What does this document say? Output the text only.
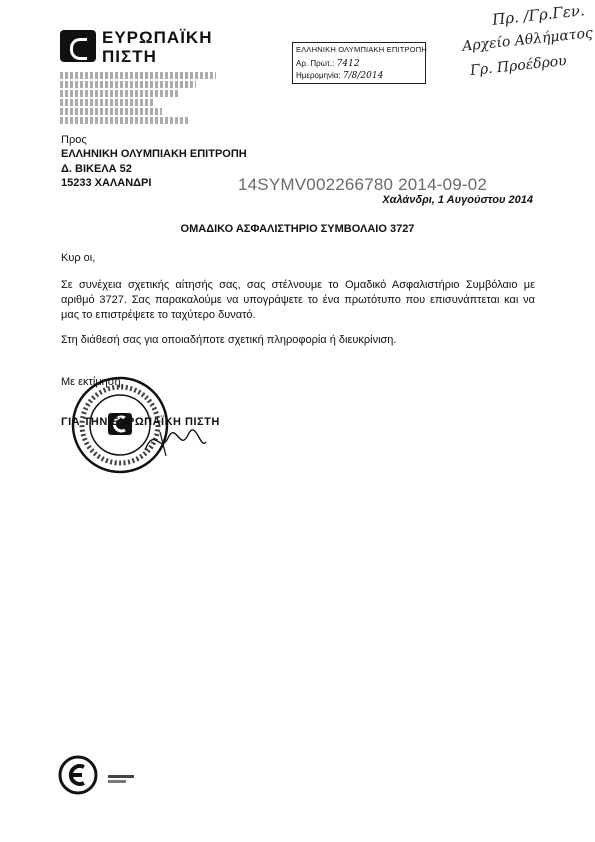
ΕΥΡΩΠΑΪΚΗ
ΠΙΣΤΗ	ΕΛΛΗΝΙΚΗ ΟΛΥΜΠΙΑΚΗ ΕΠΙΤΡΟΠΗ
Αρ. Πρωτ.: 7412
Ημερομηνία: 7/8/2014
Πρ. /Γρ.Γεν.
Αρχείο Αθλήματος
Γρ. Προέδρου
Προς
ΕΛΛΗΝΙΚΗ ΟΛΥΜΠΙΑΚΗ ΕΠΙΤΡΟΠΗ
Δ. ΒΙΚΕΛΑ 52
15233 ΧΑΛΑΝΔΡΙ	14SYMV002266780 2014-09-02
Χαλάνδρι, 1 Αυγούστου 2014
ΟΜΑΔΙΚΟ ΑΣΦΑΛΙΣΤΗΡΙΟ ΣΥΜΒΟΛΑΙΟ 3727
Κυρ οι,
Σε συνέχεια σχετικής αίτησής σας, σας στέλνουμε το Ομαδικό Ασφαλιστήριο Συμβόλαιο με αριθμό 3727. Σας παρακαλούμε να υπογράψετε το ένα πρωτότυπο που επισυνάπτεται και να μας το επιστρέψετε το ταχύτερο δυνατό.
Στη διάθεσή σας για οποιαδήποτε σχετική πληροφορία ή διευκρίνιση.
Με εκτίμηση,
ΓΙΑ ΤΗΝ ΕΥΡΩΠΑΪΚΗ ΠΙΣΤΗ
